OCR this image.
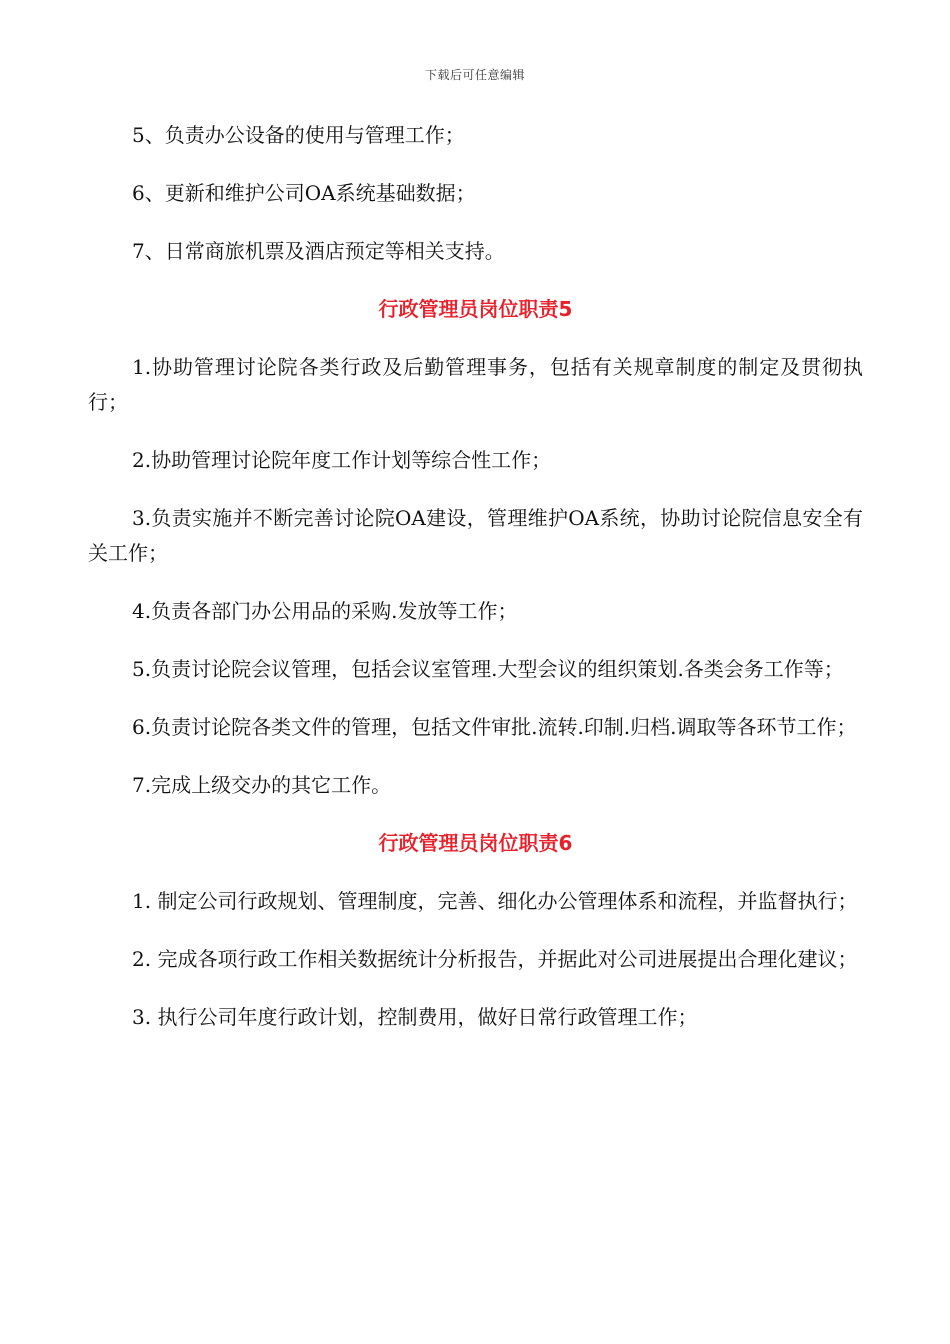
下载后可任意编辑

5、负责办公设备的使用与管理工作；

6、更新和维护公司OA系统基础数据；

7、日常商旅机票及酒店预定等相关支持。

行政管理员岗位职责5

1.协助管理讨论院各类行政及后勤管理事务，包括有关规章制度的制定及贯彻执行；

2.协助管理讨论院年度工作计划等综合性工作；

3.负责实施并不断完善讨论院OA建设，管理维护OA系统，协助讨论院信息安全有关工作；

4.负责各部门办公用品的采购.发放等工作；

5.负责讨论院会议管理，包括会议室管理.大型会议的组织策划.各类会务工作等；

6.负责讨论院各类文件的管理，包括文件审批.流转.印制.归档.调取等各环节工作；

7.完成上级交办的其它工作。

行政管理员岗位职责6

1. 制定公司行政规划、管理制度，完善、细化办公管理体系和流程，并监督执行；

2. 完成各项行政工作相关数据统计分析报告，并据此对公司进展提出合理化建议；

3. 执行公司年度行政计划，控制费用，做好日常行政管理工作；
